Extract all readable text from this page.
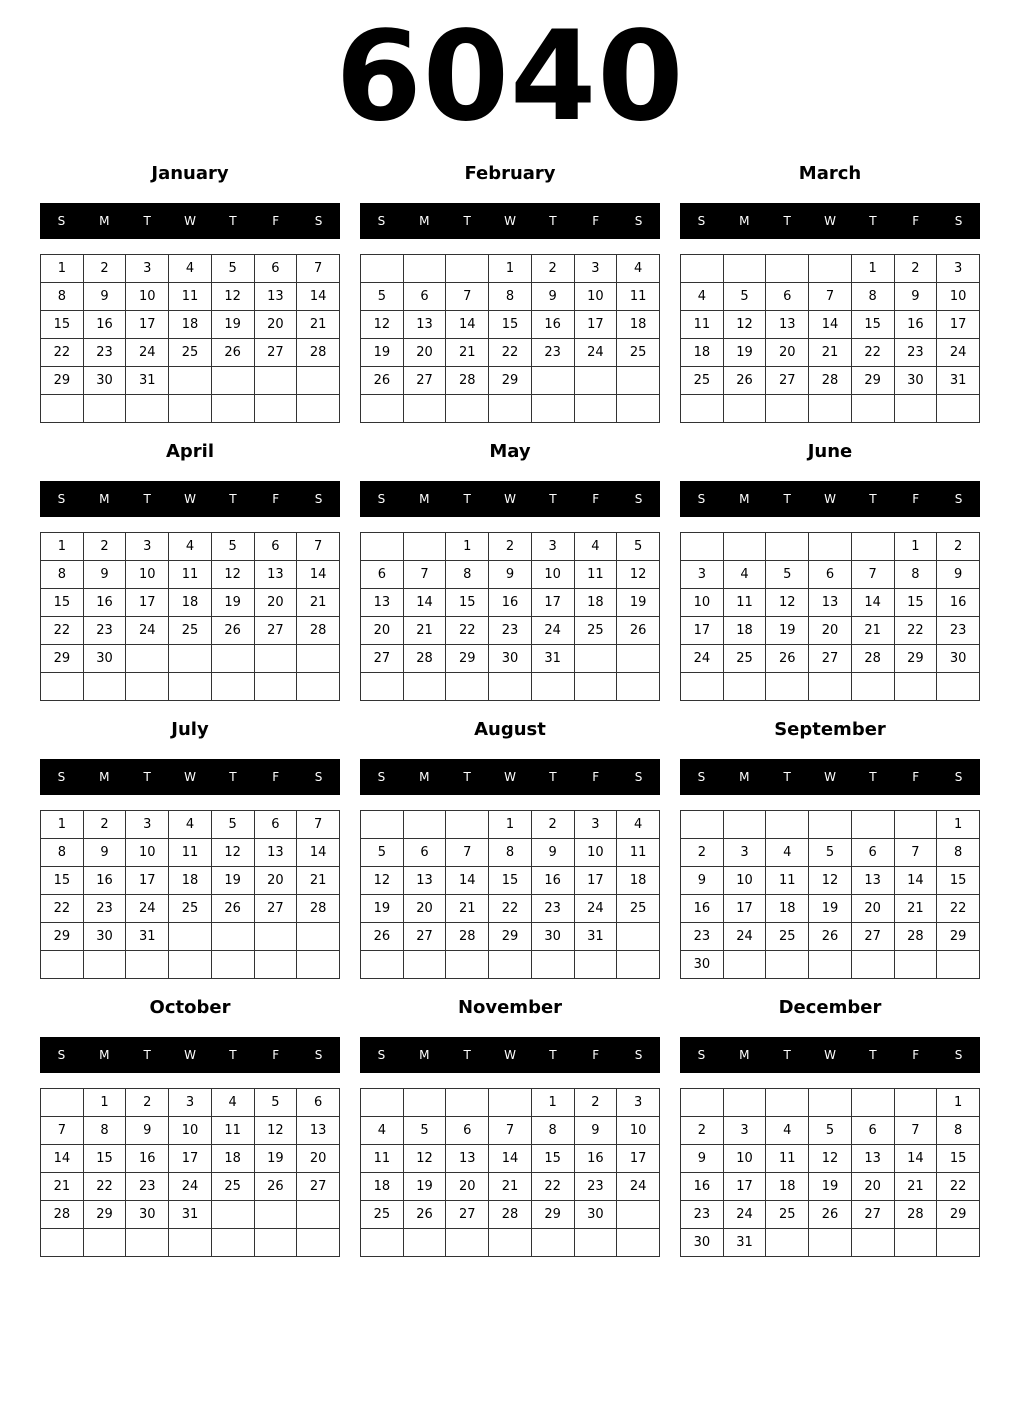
6040
January
S	M	T	W	T	F	S
1	2	3	4	5	6	7
8	9	10	11	12	13	14
15	16	17	18	19	20	21
22	23	24	25	26	27	28
29	30	31				

February
S	M	T	W	T	F	S
			1	2	3	4
5	6	7	8	9	10	11
12	13	14	15	16	17	18
19	20	21	22	23	24	25
26	27	28	29			

March
S	M	T	W	T	F	S
				1	2	3
4	5	6	7	8	9	10
11	12	13	14	15	16	17
18	19	20	21	22	23	24
25	26	27	28	29	30	31

April
S	M	T	W	T	F	S
1	2	3	4	5	6	7
8	9	10	11	12	13	14
15	16	17	18	19	20	21
22	23	24	25	26	27	28
29	30					

May
S	M	T	W	T	F	S
		1	2	3	4	5
6	7	8	9	10	11	12
13	14	15	16	17	18	19
20	21	22	23	24	25	26
27	28	29	30	31		

June
S	M	T	W	T	F	S
					1	2
3	4	5	6	7	8	9
10	11	12	13	14	15	16
17	18	19	20	21	22	23
24	25	26	27	28	29	30

July
S	M	T	W	T	F	S
1	2	3	4	5	6	7
8	9	10	11	12	13	14
15	16	17	18	19	20	21
22	23	24	25	26	27	28
29	30	31				

August
S	M	T	W	T	F	S
			1	2	3	4
5	6	7	8	9	10	11
12	13	14	15	16	17	18
19	20	21	22	23	24	25
26	27	28	29	30	31	

September
S	M	T	W	T	F	S
						1
2	3	4	5	6	7	8
9	10	11	12	13	14	15
16	17	18	19	20	21	22
23	24	25	26	27	28	29
30						
October
S	M	T	W	T	F	S
	1	2	3	4	5	6
7	8	9	10	11	12	13
14	15	16	17	18	19	20
21	22	23	24	25	26	27
28	29	30	31			

November
S	M	T	W	T	F	S
				1	2	3
4	5	6	7	8	9	10
11	12	13	14	15	16	17
18	19	20	21	22	23	24
25	26	27	28	29	30	

December
S	M	T	W	T	F	S
						1
2	3	4	5	6	7	8
9	10	11	12	13	14	15
16	17	18	19	20	21	22
23	24	25	26	27	28	29
30	31					
